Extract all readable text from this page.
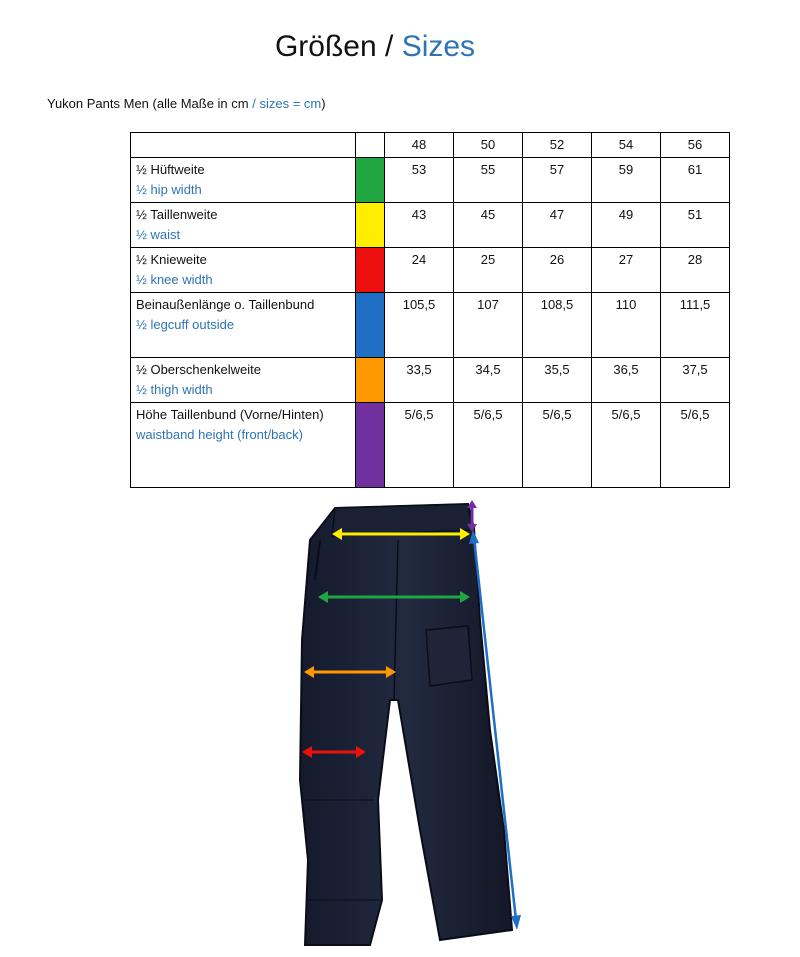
Größen / Sizes
Yukon Pants Men (alle Maße in cm / sizes = cm)
		48	50	52	54	56

½ Hüftweite
½ hip width		53	55	57	59	61

½ Taillenweite
½ waist		43	45	47	49	51

½ Knieweite
½ knee width		24	25	26	27	28

Beinaußenlänge o. Taillenbund
½ legcuff outside		105,5	107	108,5	110	111,5

½ Oberschenkelweite
½ thigh width		33,5	34,5	35,5	36,5	37,5

Höhe Taillenbund (Vorne/Hinten)
waistband height (front/back)		5/6,5	5/6,5	5/6,5	5/6,5	5/6,5
